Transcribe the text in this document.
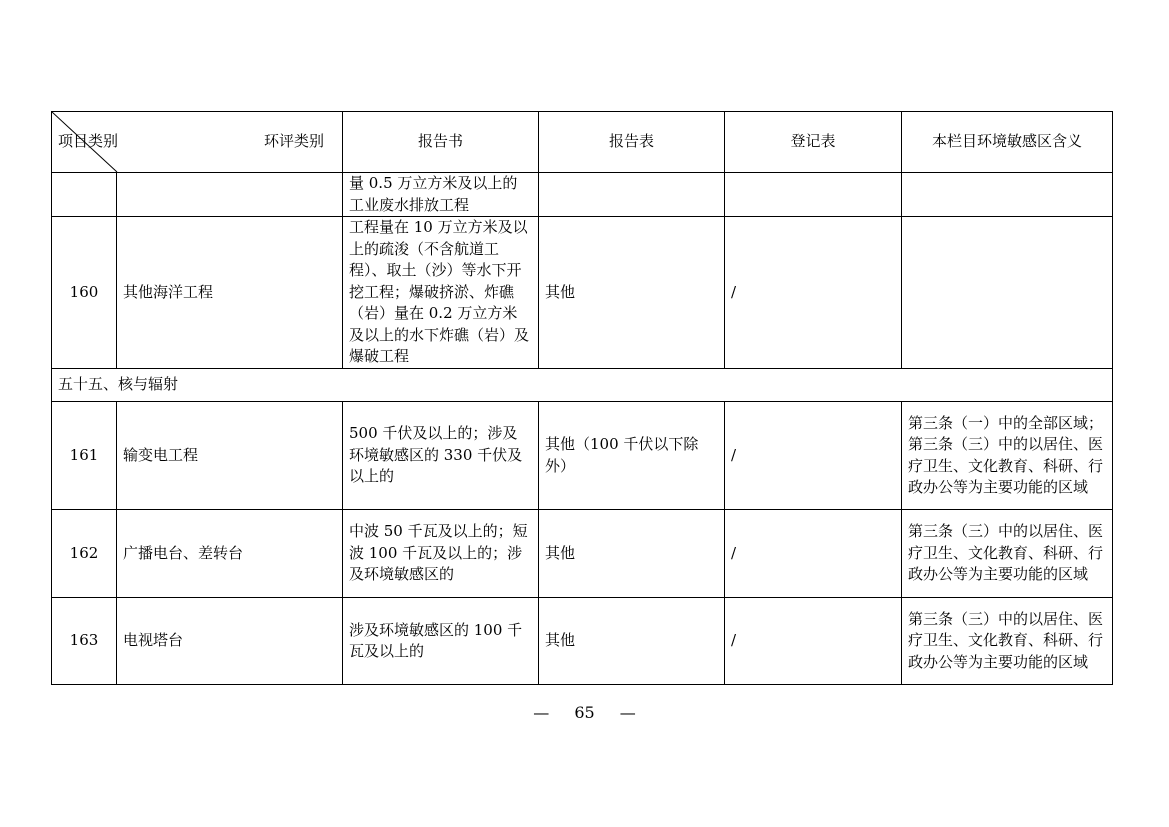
项目类别 环评类别		报告书	报告表	登记表	本栏目环境敏感区含义
		量 0.5 万立方米及以上的工业废水排放工程			
160	其他海洋工程	工程量在 10 万立方米及以上的疏浚（不含航道工程）、取土（沙）等水下开挖工程；爆破挤淤、炸礁（岩）量在 0.2 万立方米及以上的水下炸礁（岩）及爆破工程	其他	/	
五十五、核与辐射					
161	输变电工程	500 千伏及以上的；涉及环境敏感区的 330 千伏及以上的	其他（100 千伏以下除外）	/	第三条（一）中的全部区域；第三条（三）中的以居住、医疗卫生、文化教育、科研、行政办公等为主要功能的区域
162	广播电台、差转台	中波 50 千瓦及以上的；短波 100 千瓦及以上的；涉及环境敏感区的	其他	/	第三条（三）中的以居住、医疗卫生、文化教育、科研、行政办公等为主要功能的区域
163	电视塔台	涉及环境敏感区的 100 千瓦及以上的	其他	/	第三条（三）中的以居住、医疗卫生、文化教育、科研、行政办公等为主要功能的区域
— 65 —
